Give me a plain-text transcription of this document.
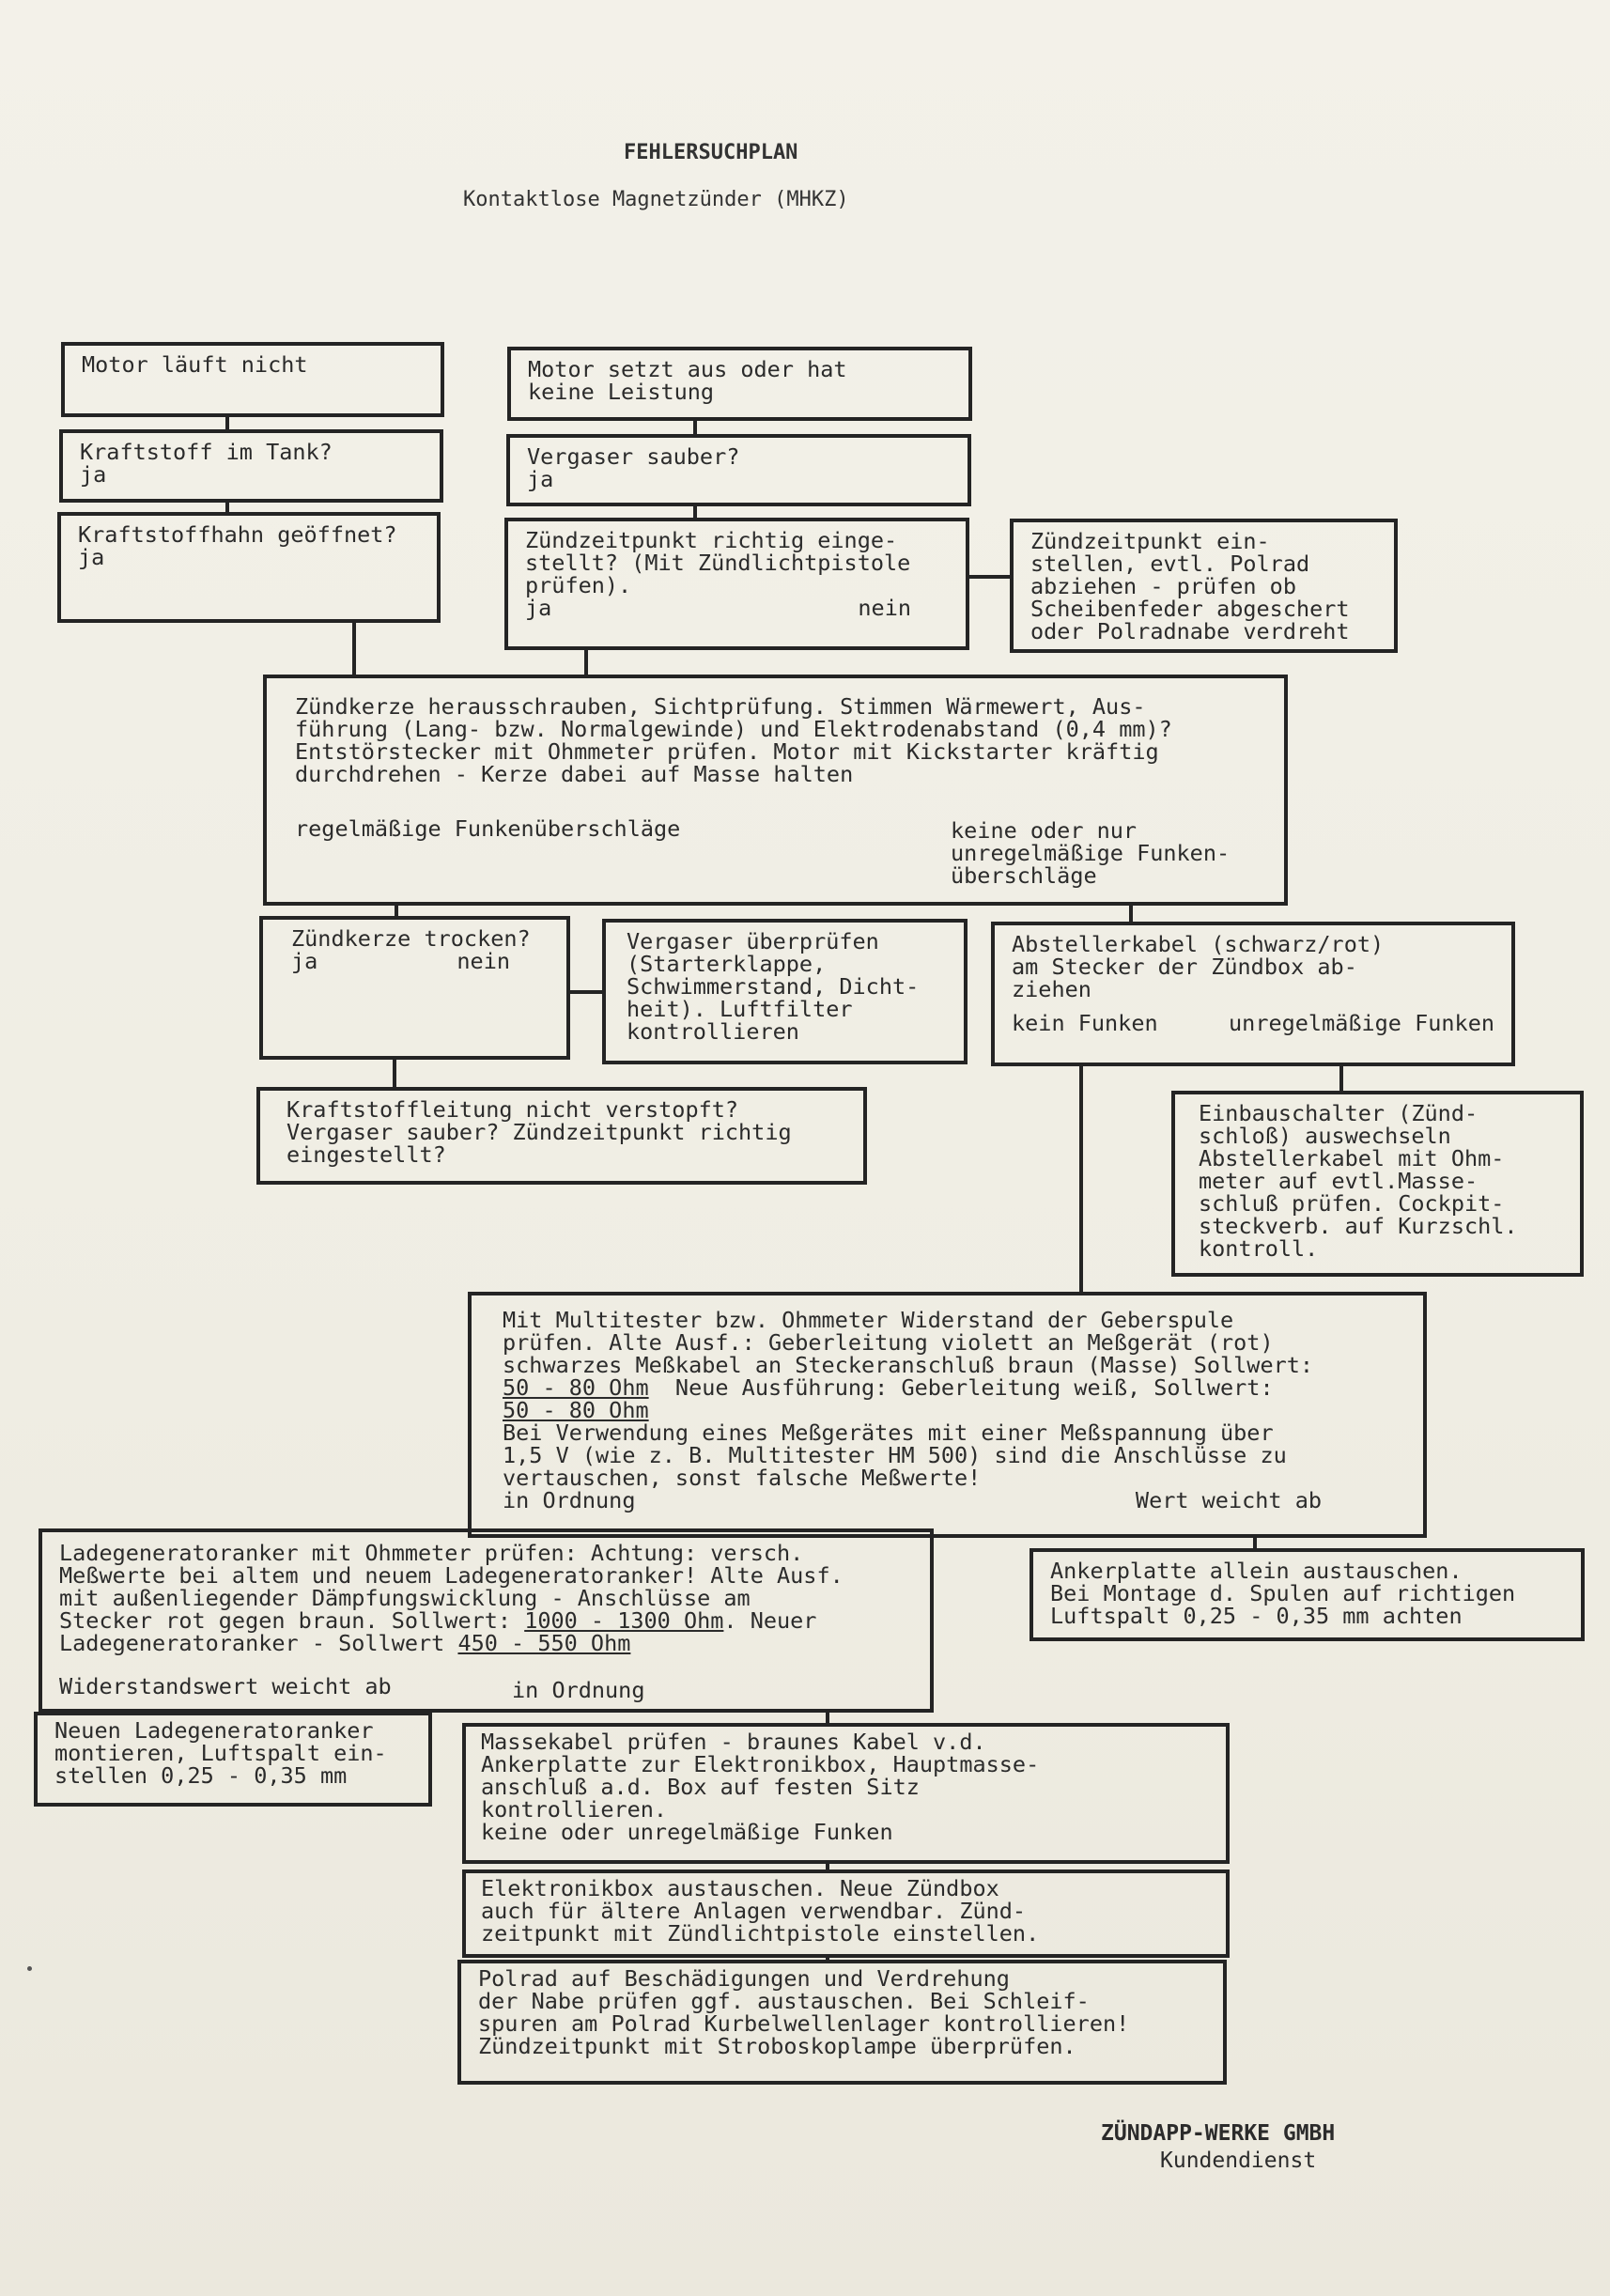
FEHLERSUCHPLAN
Kontaktlose Magnetzünder (MHKZ)
Motor läuft nicht
Kraftstoff im Tank?
ja
Kraftstoffhahn geöffnet?
ja
Motor setzt aus oder hat
keine Leistung
Vergaser sauber?
ja
Zündzeitpunkt richtig einge-
stellt? (Mit Zündlichtpistole
prüfen).
ja	nein
Zündzeitpunkt ein-
stellen, evtl. Polrad
abziehen - prüfen ob
Scheibenfeder abgeschert
oder Polradnabe verdreht
Zündkerze herausschrauben, Sichtprüfung. Stimmen Wärmewert, Aus-
führung (Lang- bzw. Normalgewinde) und Elektrodenabstand (0,4 mm)?
Entstörstecker mit Ohmmeter prüfen. Motor mit Kickstarter kräftig
durchdrehen - Kerze dabei auf Masse halten
regelmäßige Funkenüberschläge	keine oder nur
unregelmäßige Funken-
überschläge
Zündkerze trocken?
ja	nein
Vergaser überprüfen
(Starterklappe,
Schwimmerstand, Dicht-
heit). Luftfilter
kontrollieren
Abstellerkabel (schwarz/rot)
am Stecker der Zündbox ab-
ziehen
kein Funken	unregelmäßige Funken
Kraftstoffleitung nicht verstopft?
Vergaser sauber? Zündzeitpunkt richtig
eingestellt?
Einbauschalter (Zünd-
schloß) auswechseln
Abstellerkabel mit Ohm-
meter auf evtl.Masse-
schluß prüfen. Cockpit-
steckverb. auf Kurzschl.
kontroll.
Mit Multitester bzw. Ohmmeter Widerstand der Geberspule
prüfen. Alte Ausf.: Geberleitung violett an Meßgerät (rot)
schwarzes Meßkabel an Steckeranschluß braun (Masse) Sollwert:
50 - 80 Ohm  Neue Ausführung: Geberleitung weiß, Sollwert:
50 - 80 Ohm
Bei Verwendung eines Meßgerätes mit einer Meßspannung über
1,5 V (wie z. B. Multitester HM 500) sind die Anschlüsse zu
vertauschen, sonst falsche Meßwerte!
in Ordnung	Wert weicht ab
Ladegeneratoranker mit Ohmmeter prüfen: Achtung: versch.
Meßwerte bei altem und neuem Ladegeneratoranker! Alte Ausf.
mit außenliegender Dämpfungswicklung - Anschlüsse am
Stecker rot gegen braun. Sollwert: 1000 - 1300 Ohm. Neuer
Ladegeneratoranker - Sollwert 450 - 550 Ohm
Widerstandswert weicht ab	in Ordnung
Ankerplatte allein austauschen.
Bei Montage d. Spulen auf richtigen
Luftspalt 0,25 - 0,35 mm achten
Neuen Ladegeneratoranker
montieren, Luftspalt ein-
stellen 0,25 - 0,35 mm
Massekabel prüfen - braunes Kabel v.d.
Ankerplatte zur Elektronikbox, Hauptmasse-
anschluß a.d. Box auf festen Sitz
kontrollieren.
keine oder unregelmäßige Funken
Elektronikbox austauschen. Neue Zündbox
auch für ältere Anlagen verwendbar. Zünd-
zeitpunkt mit Zündlichtpistole einstellen.
Polrad auf Beschädigungen und Verdrehung
der Nabe prüfen ggf. austauschen. Bei Schleif-
spuren am Polrad Kurbelwellenlager kontrollieren!
Zündzeitpunkt mit Stroboskoplampe überprüfen.
ZÜNDAPP-WERKE GMBH
Kundendienst
